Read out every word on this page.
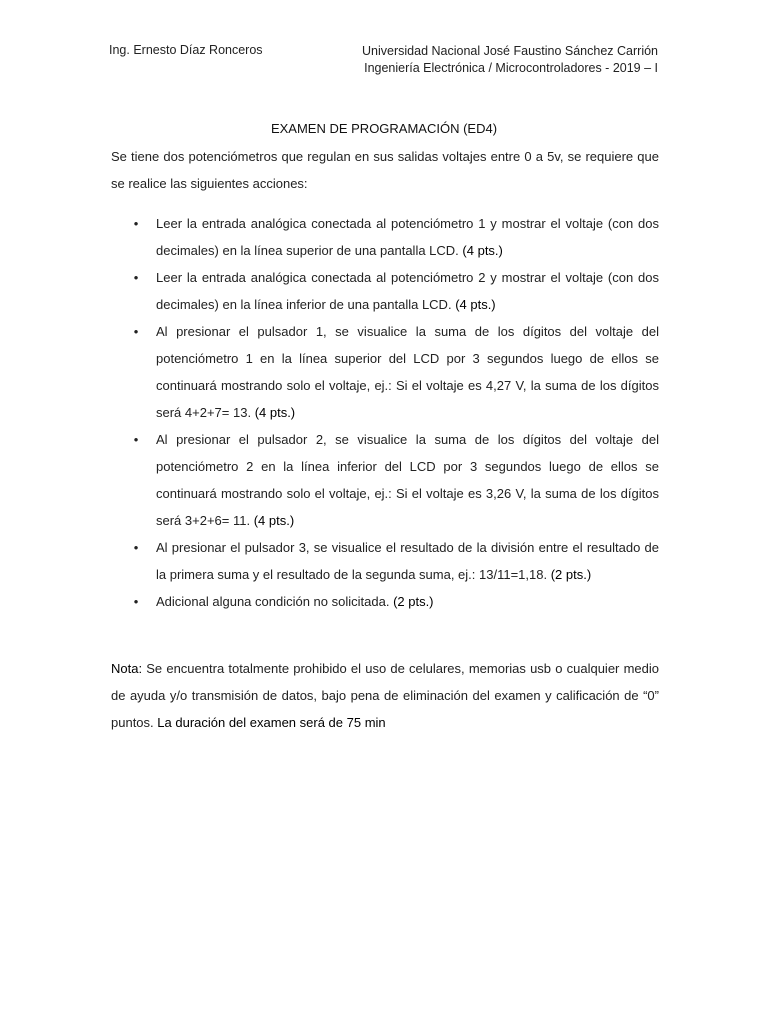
Ing. Ernesto Díaz Ronceros	Universidad Nacional José Faustino Sánchez Carrión
Ingeniería Electrónica / Microcontroladores - 2019 – I
EXAMEN DE PROGRAMACIÓN (ED4)

Se tiene dos potenciómetros que regulan en sus salidas voltajes entre 0 a 5v, se requiere que se realice las siguientes acciones:

• Leer la entrada analógica conectada al potenciómetro 1 y mostrar el voltaje (con dos decimales) en la línea superior de una pantalla LCD. (4 pts.)
• Leer la entrada analógica conectada al potenciómetro 2 y mostrar el voltaje (con dos decimales) en la línea inferior de una pantalla LCD. (4 pts.)
• Al presionar el pulsador 1, se visualice la suma de los dígitos del voltaje del potenciómetro 1 en la línea superior del LCD por 3 segundos luego de ellos se continuará mostrando solo el voltaje, ej.: Si el voltaje es 4,27 V, la suma de los dígitos será 4+2+7= 13. (4 pts.)
• Al presionar el pulsador 2, se visualice la suma de los dígitos del voltaje del potenciómetro 2 en la línea inferior del LCD por 3 segundos luego de ellos se continuará mostrando solo el voltaje, ej.: Si el voltaje es 3,26 V, la suma de los dígitos será 3+2+6= 11. (4 pts.)
• Al presionar el pulsador 3, se visualice el resultado de la división entre el resultado de la primera suma y el resultado de la segunda suma, ej.: 13/11=1,18. (2 pts.)
• Adicional alguna condición no solicitada. (2 pts.)

Nota: Se encuentra totalmente prohibido el uso de celulares, memorias usb o cualquier medio de ayuda y/o transmisión de datos, bajo pena de eliminación del examen y calificación de “0” puntos. La duración del examen será de 75 min
